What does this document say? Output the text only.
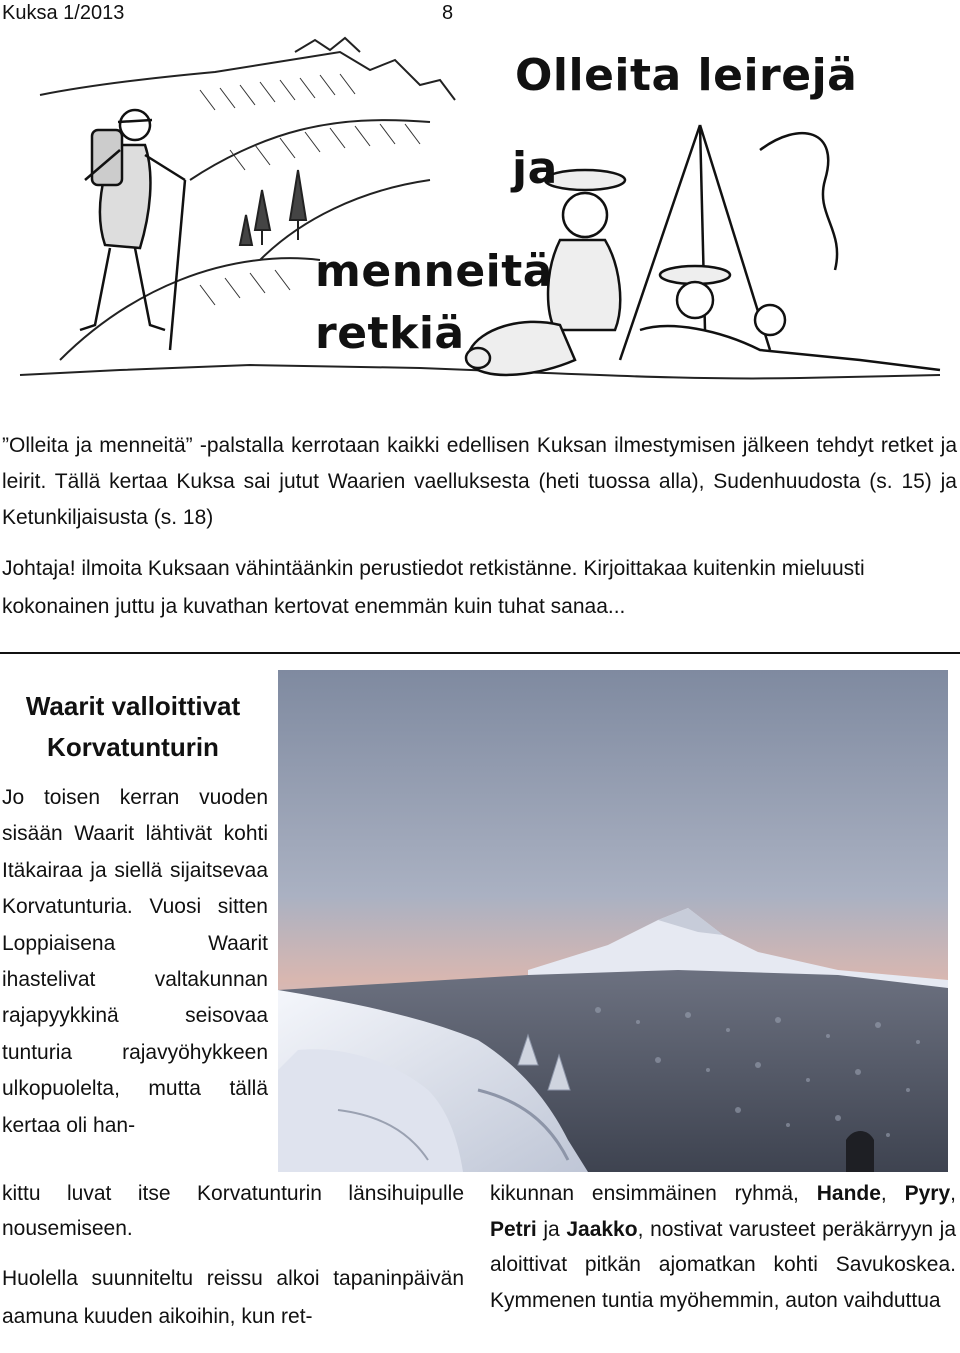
Kuksa 1/2013	8
Olleita leirejä
ja
menneitä
retkiä

”Olleita ja menneitä” -palstalla kerrotaan kaikki edellisen Kuksan ilmestymisen jälkeen tehdyt retket ja leirit. Tällä kertaa Kuksa sai jutut Waarien vaelluksesta (heti tuossa alla), Sudenhuudosta (s. 15) ja Ketunkiljaisusta (s. 18)

Johtaja! ilmoita Kuksaan vähintäänkin perustiedot retkistänne. Kirjoittakaa kuitenkin mieluusti kokonainen juttu ja kuvathan kertovat enemmän kuin tuhat sanaa...

Waarit valloittivat Korvatunturin

Jo toisen kerran vuoden sisään Waarit lähtivät kohti Itäkairaa ja siellä sijaitsevaa Korvatunturia. Vuosi sitten Loppiaisena Waarit ihastelivat valtakunnan rajapyykkinä seisovaa tunturia rajavyöhykkeen ulkopuolelta, mutta tällä kertaa oli han-

kittu luvat itse Korvatunturin länsihuipulle nousemiseen.

Huolella suunniteltu reissu alkoi tapaninpäivän aamuna kuuden aikoihin, kun ret-

kikunnan ensimmäinen ryhmä, Hande, Pyry, Petri ja Jaakko, nostivat varusteet peräkärryyn ja aloittivat pitkän ajomatkan kohti Savukoskea. Kymmenen tuntia myöhemmin, auton vaihduttua
